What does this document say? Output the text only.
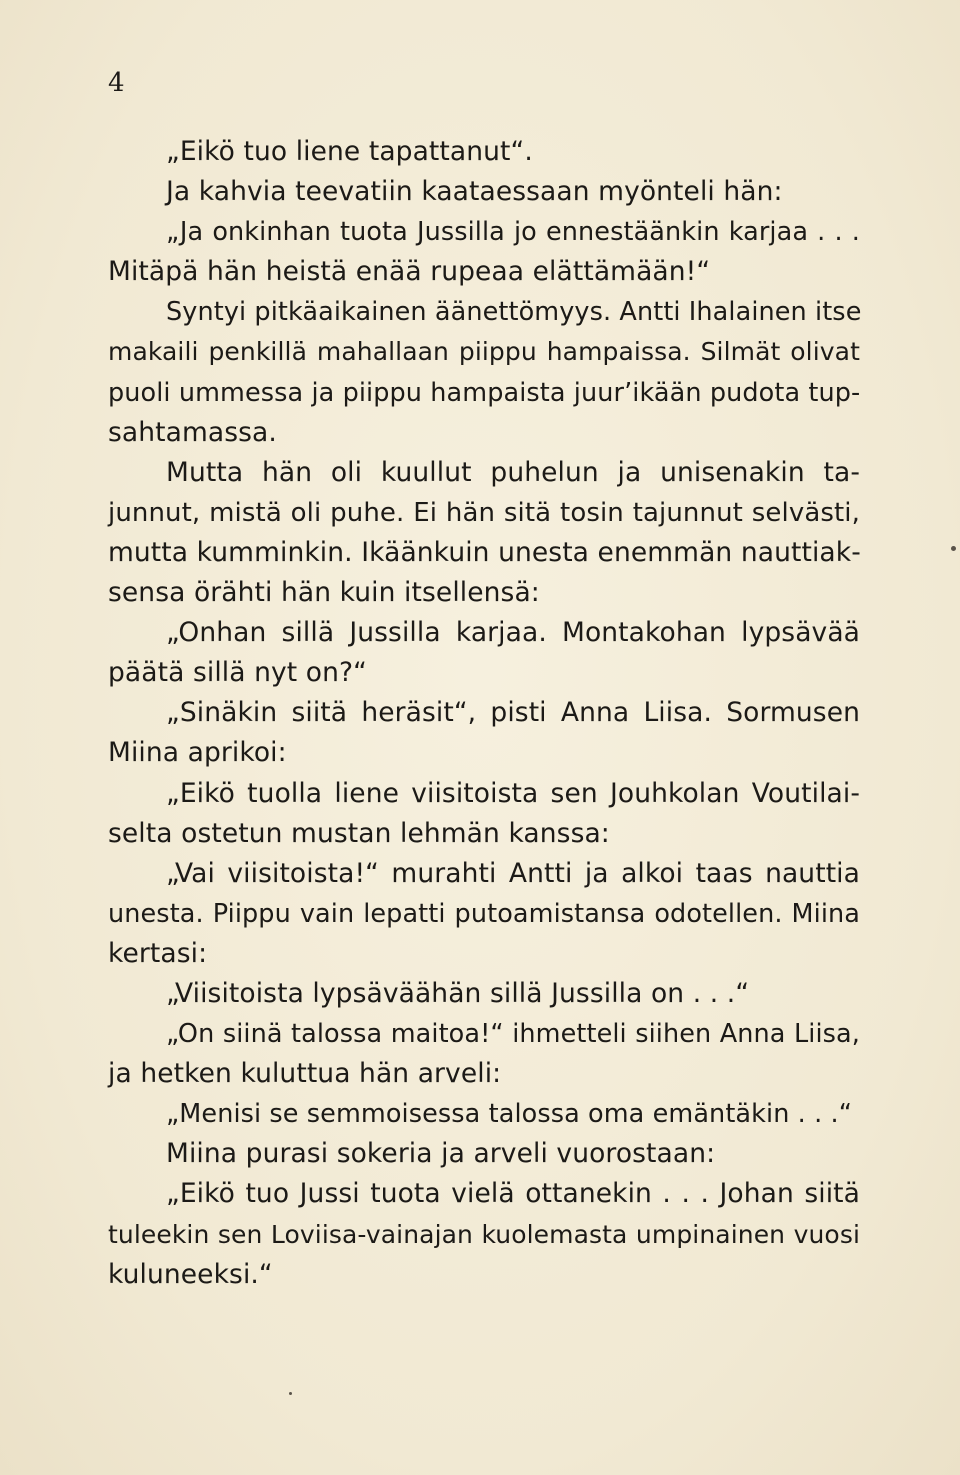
4
„Eikö tuo liene tapattanut“.
Ja kahvia teevatiin kaataessaan myönteli hän:
„Ja onkinhan tuota Jussilla jo ennestäänkin karjaa . . .
Mitäpä hän heistä enää rupeaa elättämään!“
Syntyi pitkäaikainen äänettömyys. Antti Ihalainen itse
makaili penkillä mahallaan piippu hampaissa. Silmät olivat
puoli ummessa ja piippu hampaista juur’ikään pudota tup-
sahtamassa.
Mutta hän oli kuullut puhelun ja unisenakin ta-
junnut, mistä oli puhe. Ei hän sitä tosin tajunnut selvästi,
mutta kumminkin. Ikäänkuin unesta enemmän nauttiak-
sensa örähti hän kuin itsellensä:
„Onhan sillä Jussilla karjaa. Montakohan lypsävää
päätä sillä nyt on?“
„Sinäkin siitä heräsit“, pisti Anna Liisa. Sormusen
Miina aprikoi:
„Eikö tuolla liene viisitoista sen Jouhkolan Voutilai-
selta ostetun mustan lehmän kanssa:
„Vai viisitoista!“ murahti Antti ja alkoi taas nauttia
unesta. Piippu vain lepatti putoamistansa odotellen. Miina
kertasi:
„Viisitoista lypsäväähän sillä Jussilla on . . .“
„On siinä talossa maitoa!“ ihmetteli siihen Anna Liisa,
ja hetken kuluttua hän arveli:
„Menisi se semmoisessa talossa oma emäntäkin . . .“
Miina purasi sokeria ja arveli vuorostaan:
„Eikö tuo Jussi tuota vielä ottanekin . . . Johan siitä
tuleekin sen Loviisa-vainajan kuolemasta umpinainen vuosi
kuluneeksi.“
